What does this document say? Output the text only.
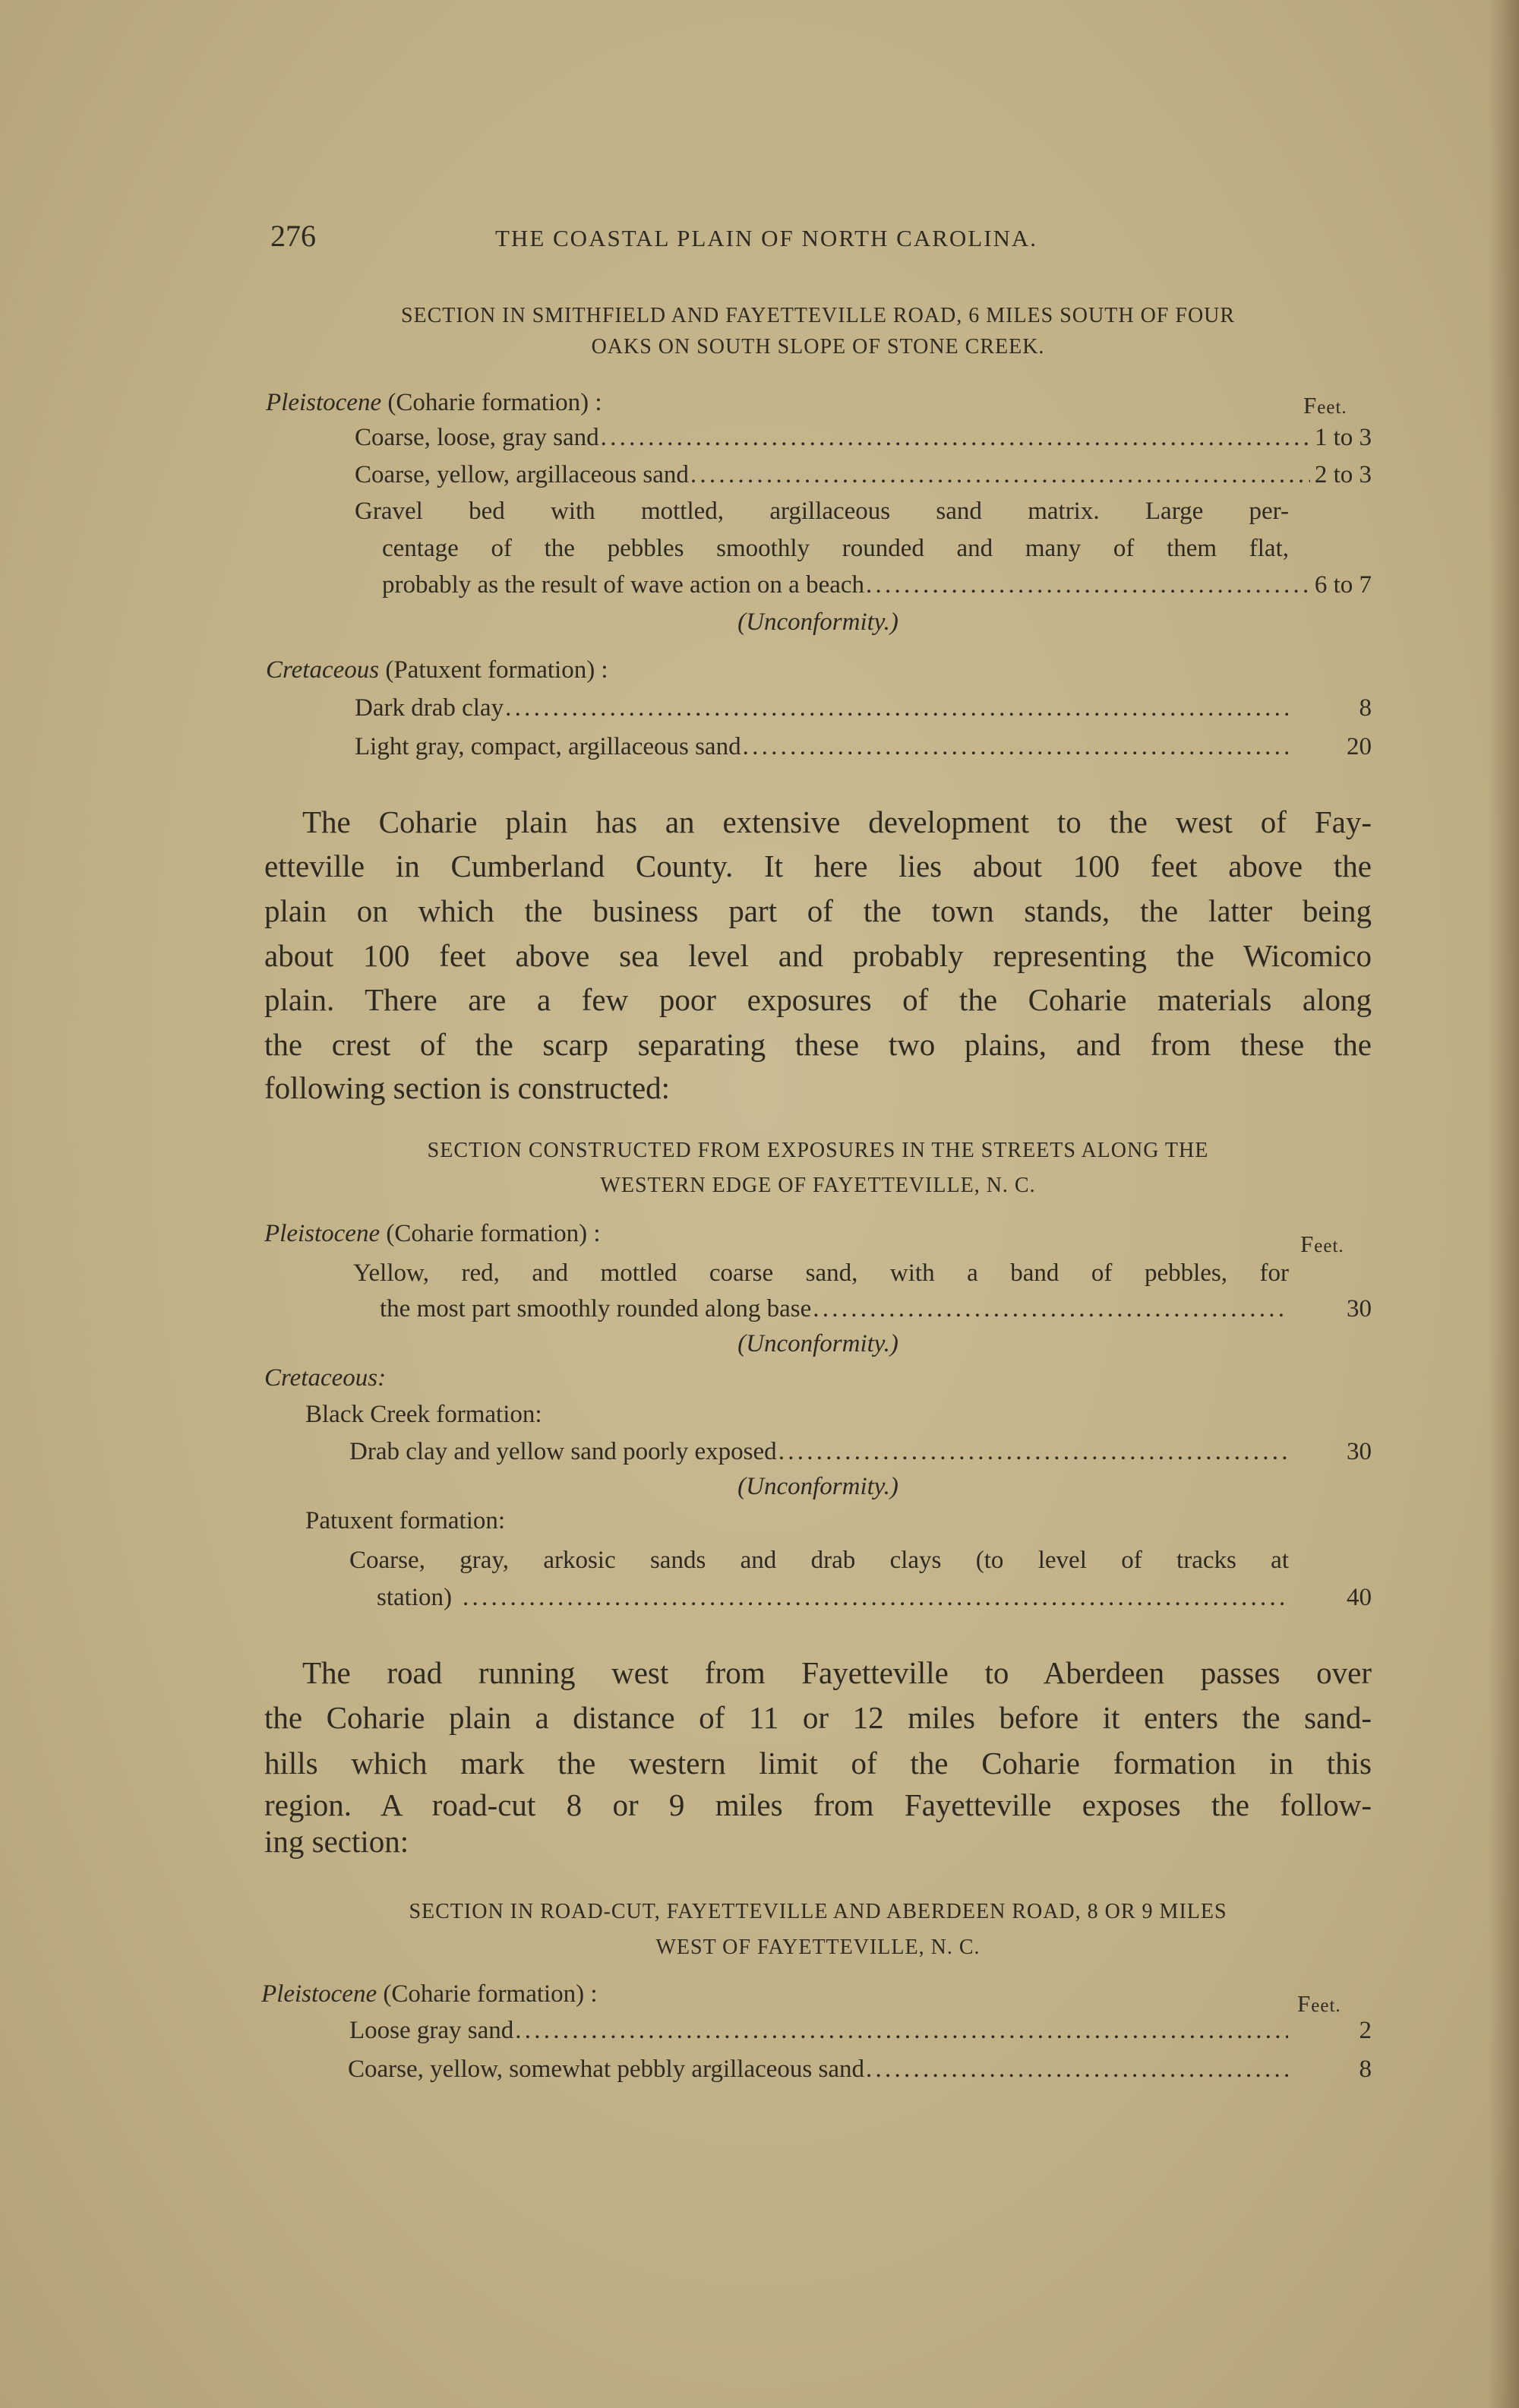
276	THE COASTAL PLAIN OF NORTH CAROLINA.
SECTION IN SMITHFIELD AND FAYETTEVILLE ROAD, 6 MILES SOUTH OF FOUR
OAKS ON SOUTH SLOPE OF STONE CREEK.
Pleistocene (Coharie formation) :	Feet.
Coarse, loose, gray sand . . .	1 to 3
Coarse, yellow, argillaceous sand . . .	2 to 3
Gravel bed with mottled, argillaceous sand matrix. Large per-
centage of the pebbles smoothly rounded and many of them flat,
probably as the result of wave action on a beach . . .	6 to 7
(Unconformity.)
Cretaceous (Patuxent formation) :
Dark drab clay . . .	8
Light gray, compact, argillaceous sand . . .	20
The Coharie plain has an extensive development to the west of Fay-
etteville in Cumberland County. It here lies about 100 feet above the
plain on which the business part of the town stands, the latter being
about 100 feet above sea level and probably representing the Wicomico
plain. There are a few poor exposures of the Coharie materials along
the crest of the scarp separating these two plains, and from these the
following section is constructed:
SECTION CONSTRUCTED FROM EXPOSURES IN THE STREETS ALONG THE
WESTERN EDGE OF FAYETTEVILLE, N. C.
Pleistocene (Coharie formation) :	Feet.
Yellow, red, and mottled coarse sand, with a band of pebbles, for
the most part smoothly rounded along base . . .	30
(Unconformity.)
Cretaceous:
Black Creek formation:
Drab clay and yellow sand poorly exposed . . .	30
(Unconformity.)
Patuxent formation:
Coarse, gray, arkosic sands and drab clays (to level of tracks at
station) . . .	40
The road running west from Fayetteville to Aberdeen passes over
the Coharie plain a distance of 11 or 12 miles before it enters the sand-
hills which mark the western limit of the Coharie formation in this
region. A road-cut 8 or 9 miles from Fayetteville exposes the follow-
ing section:
SECTION IN ROAD-CUT, FAYETTEVILLE AND ABERDEEN ROAD, 8 OR 9 MILES
WEST OF FAYETTEVILLE, N. C.
Pleistocene (Coharie formation) :	Feet.
Loose gray sand . . .	2
Coarse, yellow, somewhat pebbly argillaceous sand . . .	8
